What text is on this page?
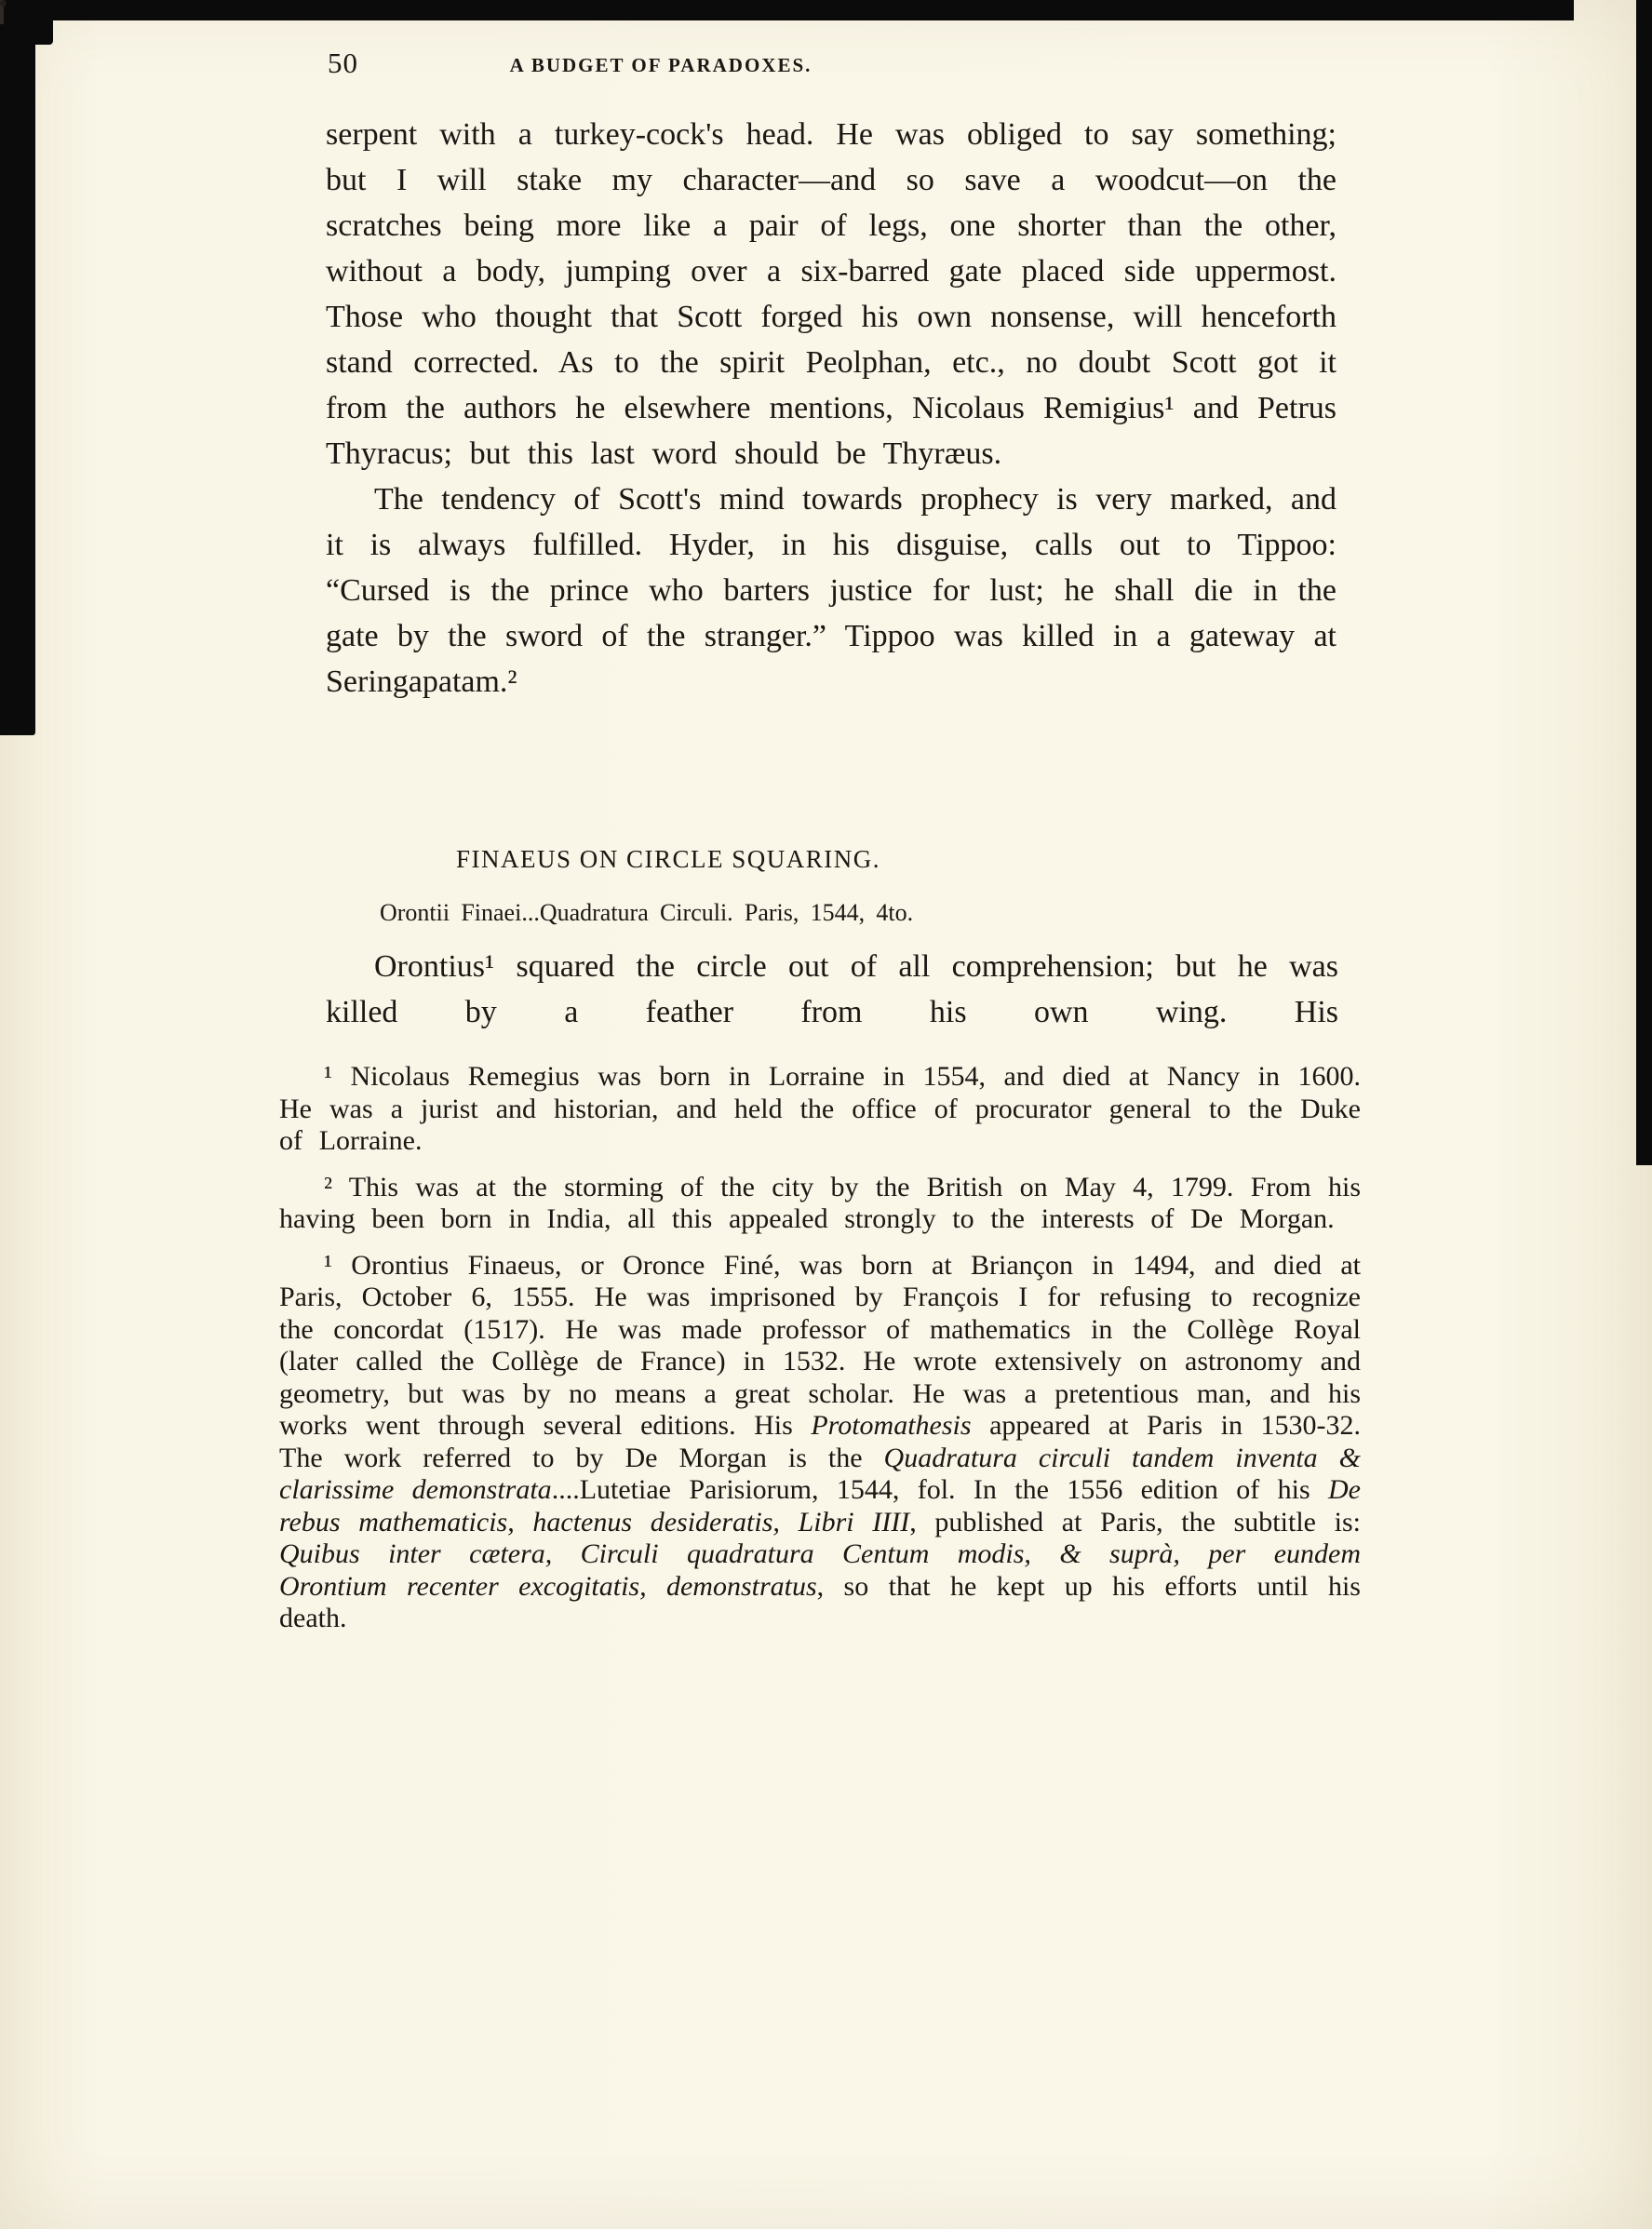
50	A BUDGET OF PARADOXES.

serpent with a turkey-cock's head. He was obliged to say something; but I will stake my character—and so save a woodcut—on the scratches being more like a pair of legs, one shorter than the other, without a body, jumping over a six-barred gate placed side uppermost. Those who thought that Scott forged his own nonsense, will henceforth stand corrected. As to the spirit Peolphan, etc., no doubt Scott got it from the authors he elsewhere mentions, Nicolaus Remigius¹ and Petrus Thyracus; but this last word should be Thyræus.

The tendency of Scott's mind towards prophecy is very marked, and it is always fulfilled. Hyder, in his disguise, calls out to Tippoo: “Cursed is the prince who barters justice for lust; he shall die in the gate by the sword of the stranger.” Tippoo was killed in a gateway at Seringapatam.²

FINAEUS ON CIRCLE SQUARING.
Orontii Finaei...Quadratura Circuli. Paris, 1544, 4to.
Orontius¹ squared the circle out of all comprehension; but he was killed by a feather from his own wing. His

¹ Nicolaus Remegius was born in Lorraine in 1554, and died at Nancy in 1600. He was a jurist and historian, and held the office of procurator general to the Duke of Lorraine.

² This was at the storming of the city by the British on May 4, 1799. From his having been born in India, all this appealed strongly to the interests of De Morgan.

¹ Orontius Finaeus, or Oronce Finé, was born at Briançon in 1494, and died at Paris, October 6, 1555. He was imprisoned by François I for refusing to recognize the concordat (1517). He was made professor of mathematics in the Collège Royal (later called the Collège de France) in 1532. He wrote extensively on astronomy and geometry, but was by no means a great scholar. He was a pretentious man, and his works went through several editions. His Protomathesis appeared at Paris in 1530-32. The work referred to by De Morgan is the Quadratura circuli tandem inventa & clarissime demonstrata....Lutetiae Parisiorum, 1544, fol. In the 1556 edition of his De rebus mathematicis, hactenus desideratis, Libri IIII, published at Paris, the subtitle is: Quibus inter cætera, Circuli quadratura Centum modis, & suprà, per eundem Orontium recenter excogitatis, demonstratus, so that he kept up his efforts until his death.
